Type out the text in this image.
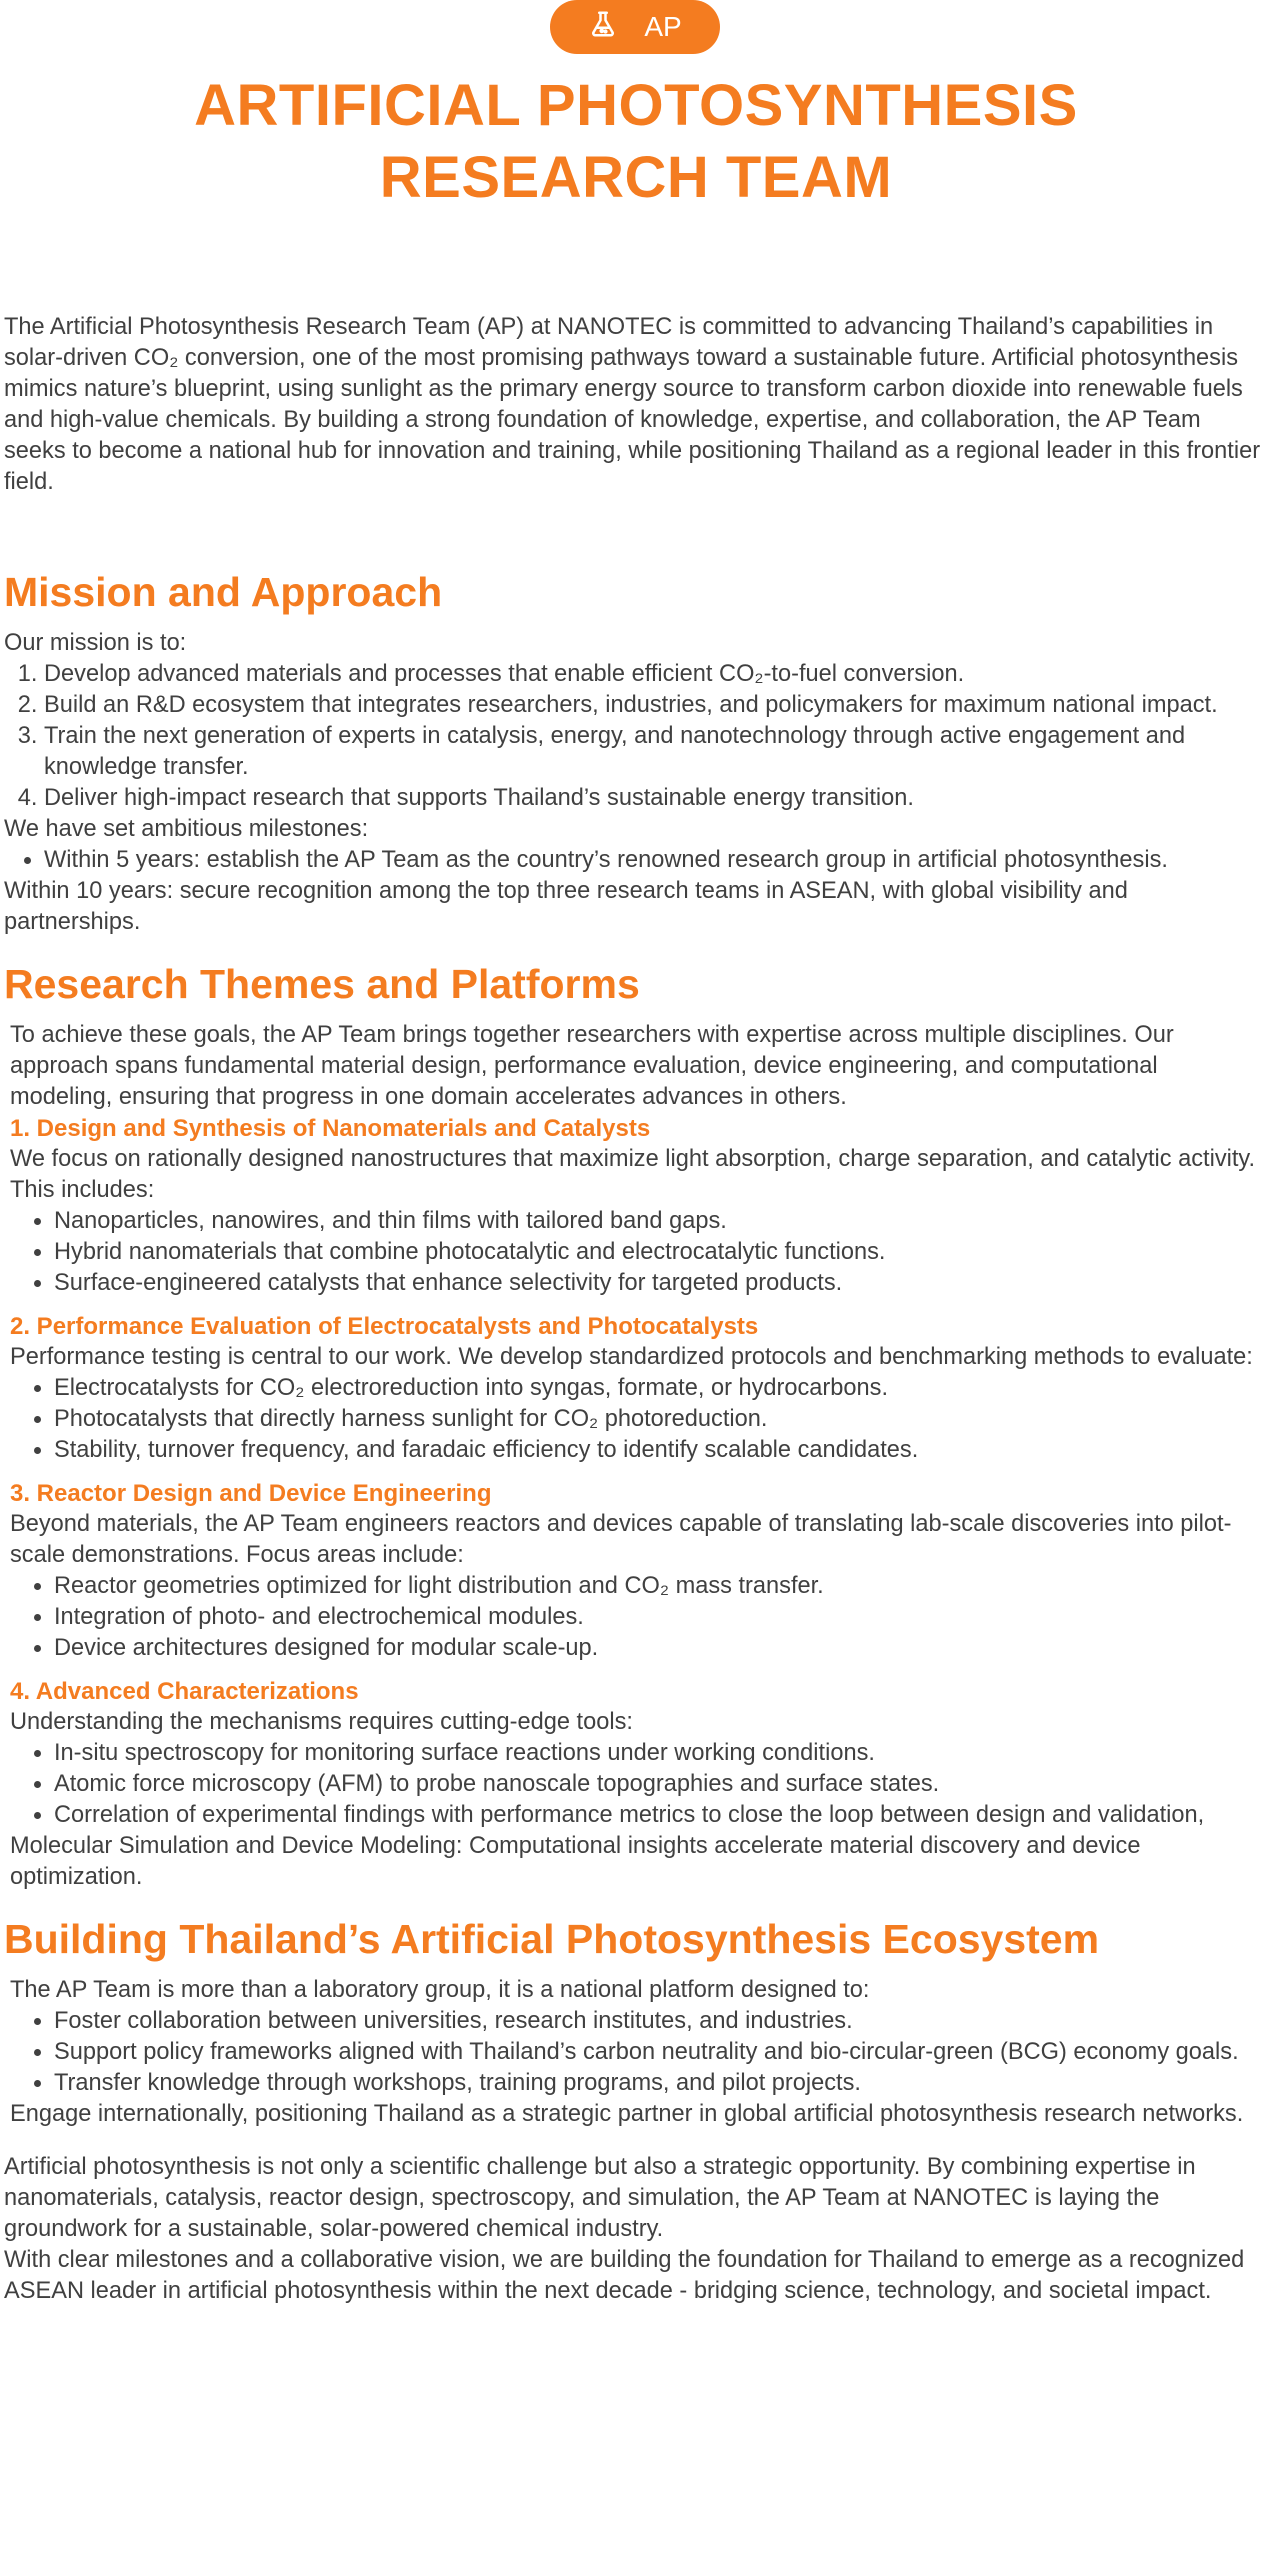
AP
ARTIFICIAL PHOTOSYNTHESIS
RESEARCH TEAM

The Artificial Photosynthesis Research Team (AP) at NANOTEC is committed to advancing Thailand’s capabilities in solar-driven CO₂ conversion, one of the most promising pathways toward a sustainable future. Artificial photosynthesis mimics nature’s blueprint, using sunlight as the primary energy source to transform carbon dioxide into renewable fuels and high-value chemicals. By building a strong foundation of knowledge, expertise, and collaboration, the AP Team seeks to become a national hub for innovation and training, while positioning Thailand as a regional leader in this frontier field.

Mission and Approach

Our mission is to:

1. Develop advanced materials and processes that enable efficient CO₂-to-fuel conversion.
2. Build an R&D ecosystem that integrates researchers, industries, and policymakers for maximum national impact.
3. Train the next generation of experts in catalysis, energy, and nanotechnology through active engagement and knowledge transfer.
4. Deliver high-impact research that supports Thailand’s sustainable energy transition.

We have set ambitious milestones:

• Within 5 years: establish the AP Team as the country’s renowned research group in artificial photosynthesis.

Within 10 years: secure recognition among the top three research teams in ASEAN, with global visibility and partnerships.

Research Themes and Platforms

To achieve these goals, the AP Team brings together researchers with expertise across multiple disciplines. Our approach spans fundamental material design, performance evaluation, device engineering, and computational modeling, ensuring that progress in one domain accelerates advances in others.

1. Design and Synthesis of Nanomaterials and Catalysts

We focus on rationally designed nanostructures that maximize light absorption, charge separation, and catalytic activity. This includes:

• Nanoparticles, nanowires, and thin films with tailored band gaps.
• Hybrid nanomaterials that combine photocatalytic and electrocatalytic functions.
• Surface-engineered catalysts that enhance selectivity for targeted products.
2. Performance Evaluation of Electrocatalysts and Photocatalysts

Performance testing is central to our work. We develop standardized protocols and benchmarking methods to evaluate:

• Electrocatalysts for CO₂ electroreduction into syngas, formate, or hydrocarbons.
• Photocatalysts that directly harness sunlight for CO₂ photoreduction.
• Stability, turnover frequency, and faradaic efficiency to identify scalable candidates.
3. Reactor Design and Device Engineering

Beyond materials, the AP Team engineers reactors and devices capable of translating lab-scale discoveries into pilot-scale demonstrations. Focus areas include:

• Reactor geometries optimized for light distribution and CO₂ mass transfer.
• Integration of photo- and electrochemical modules.
• Device architectures designed for modular scale-up.
4. Advanced Characterizations

Understanding the mechanisms requires cutting-edge tools:

• In-situ spectroscopy for monitoring surface reactions under working conditions.
• Atomic force microscopy (AFM) to probe nanoscale topographies and surface states.
• Correlation of experimental findings with performance metrics to close the loop between design and validation,

Molecular Simulation and Device Modeling: Computational insights accelerate material discovery and device optimization.

Building Thailand’s Artificial Photosynthesis Ecosystem

The AP Team is more than a laboratory group, it is a national platform designed to:

• Foster collaboration between universities, research institutes, and industries.
• Support policy frameworks aligned with Thailand’s carbon neutrality and bio-circular-green (BCG) economy goals.
• Transfer knowledge through workshops, training programs, and pilot projects.

Engage internationally, positioning Thailand as a strategic partner in global artificial photosynthesis research networks.

Artificial photosynthesis is not only a scientific challenge but also a strategic opportunity. By combining expertise in nanomaterials, catalysis, reactor design, spectroscopy, and simulation, the AP Team at NANOTEC is laying the groundwork for a sustainable, solar-powered chemical industry.

With clear milestones and a collaborative vision, we are building the foundation for Thailand to emerge as a recognized ASEAN leader in artificial photosynthesis within the next decade - bridging science, technology, and societal impact.
